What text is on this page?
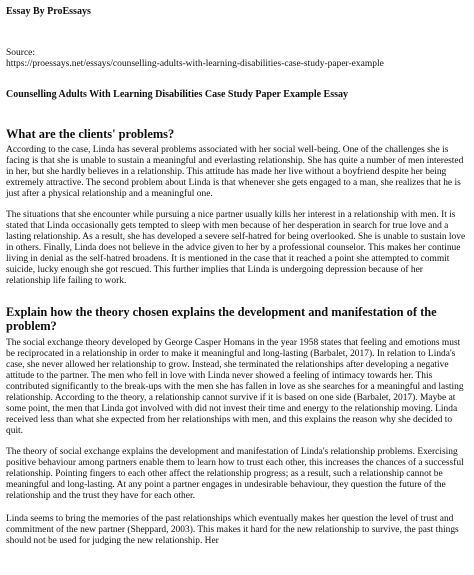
Essay By ProEssays
Source:
https://proessays.net/essays/counselling-adults-with-learning-disabilities-case-study-paper-example
Counselling Adults With Learning Disabilities Case Study Paper Example Essay
What are the clients' problems?
According to the case, Linda has several problems associated with her social well-being. One of the challenges she is facing is that she is unable to sustain a meaningful and everlasting relationship. She has quite a number of men interested in her, but she hardly believes in a relationship. This attitude has made her live without a boyfriend despite her being extremely attractive. The second problem about Linda is that whenever she gets engaged to a man, she realizes that he is just after a physical relationship and a meaningful one.
The situations that she encounter while pursuing a nice partner usually kills her interest in a relationship with men. It is stated that Linda occasionally gets tempted to sleep with men because of her desperation in search for true love and a lasting relationship. As a result, she has developed a severe self-hatred for being overlooked. She is unable to sustain love in others. Finally, Linda does not believe in the advice given to her by a professional counselor. This makes her continue living in denial as the self-hatred broadens. It is mentioned in the case that it reached a point she attempted to commit suicide, lucky enough she got rescued. This further implies that Linda is undergoing depression because of her relationship life failing to work.
Explain how the theory chosen explains the development and manifestation of the problem?
The social exchange theory developed by George Casper Homans in the year 1958 states that feeling and emotions must be reciprocated in a relationship in order to make it meaningful and long-lasting (Barbalet, 2017). In relation to Linda's case, she never allowed her relationship to grow. Instead, she terminated the relationships after developing a negative attitude to the partner. The men who fell in love with Linda never showed a feeling of intimacy towards her. This contributed significantly to the break-ups with the men she has fallen in love as she searches for a meaningful and lasting relationship. According to the theory, a relationship cannot survive if it is based on one side (Barbalet, 2017). Maybe at some point, the men that Linda got involved with did not invest their time and energy to the relationship moving. Linda received less than what she expected from her relationships with men, and this explains the reason why she decided to quit.
The theory of social exchange explains the development and manifestation of Linda's relationship problems. Exercising positive behaviour among partners enable them to learn how to trust each other, this increases the chances of a successful relationship. Pointing fingers to each other affect the relationship progress; as a result, such a relationship cannot be meaningful and long-lasting. At any point a partner engages in undesirable behaviour, they question the future of the relationship and the trust they have for each other.
Linda seems to bring the memories of the past relationships which eventually makes her question the level of trust and commitment of the new partner (Sheppard, 2003). This makes it hard for the new relationship to survive, the past things should not be used for judging the new relationship. Her
